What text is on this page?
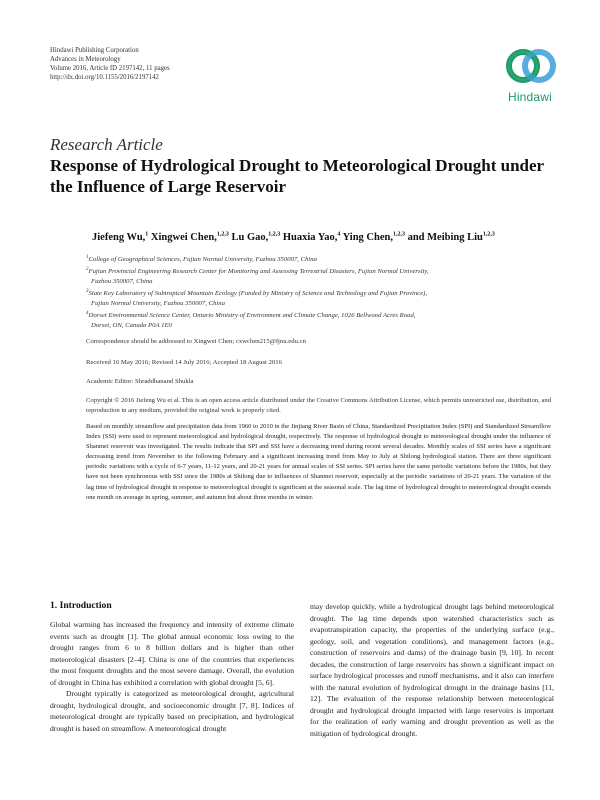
Hindawi Publishing Corporation
Advances in Meteorology
Volume 2016, Article ID 2197142, 11 pages
http://dx.doi.org/10.1155/2016/2197142
Hindawi
Research Article
Response of Hydrological Drought to Meteorological Drought under the Influence of Large Reservoir
Jiefeng Wu,$^1$ Xingwei Chen,$^{1,2,3}$ Lu Gao,$^{1,2,3}$ Huaxia Yao,$^4$ Ying Chen,$^{1,2,3}$ and Meibing Liu$^{1,2,3}$
$^1$College of Geographical Sciences, Fujian Normal University, Fuzhou 350007, China
$^2$Fujian Provincial Engineering Research Center for Monitoring and Assessing Terrestrial Disasters, Fujian Normal University,
Fuzhou 350007, China
$^3$State Key Laboratory of Subtropical Mountain Ecology (Funded by Ministry of Science and Technology and Fujian Province),
Fujian Normal University, Fuzhou 350007, China
$^4$Dorset Environmental Science Center, Ontario Ministry of Environment and Climate Change, 1026 Bellwood Acres Road,
Dorset, ON, Canada P0A 1E0
Correspondence should be addressed to Xingwei Chen; cxwchen215@fjnu.edu.cn
Received 16 May 2016; Revised 14 July 2016; Accepted 18 August 2016
Academic Editor: Shraddhanand Shukla
Copyright © 2016 Jiefeng Wu et al. This is an open access article distributed under the Creative Commons Attribution License, which permits unrestricted use, distribution, and reproduction in any medium, provided the original work is properly cited.
Based on monthly streamflow and precipitation data from 1960 to 2010 in the Jinjiang River Basin of China, Standardized Precipitation Index (SPI) and Standardized Streamflow Index (SSI) were used to represent meteorological and hydrological drought, respectively. The response of hydrological drought to meteorological drought under the influence of Shanmei reservoir was investigated. The results indicate that SPI and SSI have a decreasing trend during recent several decades. Monthly scales of SSI series have a significant decreasing trend from November to the following February and a significant increasing trend from May to July at Shilong hydrological station. There are three significant periodic variations with a cycle of 6-7 years, 11-12 years, and 20-21 years for annual scales of SSI series. SPI series have the same periodic variations before the 1980s, but they have not been synchronous with SSI since the 1980s at Shilong due to influences of Shanmei reservoir, especially at the periodic variations of 20-21 years. The variation of the lag time of hydrological drought in response to meteorological drought is significant at the seasonal scale. The lag time of hydrological drought to meteorological drought extends one month on average in spring, summer, and autumn but about three months in winter.
1. Introduction

Global warming has increased the frequency and intensity of extreme climate events such as drought [1]. The global annual economic loss owing to the drought ranges from 6 to 8 billion dollars and is higher than other meteorological disasters [2–4]. China is one of the countries that experiences the most frequent droughts and the most severe damage. Overall, the evolution of drought in China has exhibited a correlation with global drought [5, 6].

Drought typically is categorized as meteorological drought, agricultural drought, hydrological drought, and socioeconomic drought [7, 8]. Indices of meteorological drought are typically based on precipitation, and hydrological drought is based on streamflow. A meteorological drought

may develop quickly, while a hydrological drought lags behind meteorological drought. The lag time depends upon watershed characteristics such as evapotranspiration capacity, the properties of the underlying surface (e.g., geology, soil, and vegetation conditions), and management factors (e.g., construction of reservoirs and dams) of the drainage basin [9, 10]. In recent decades, the construction of large reservoirs has shown a significant impact on surface hydrological processes and runoff mechanisms, and it also can interfere with the natural evolution of hydrological drought in the drainage basins [11, 12]. The evaluation of the response relationship between meteorological drought and hydrological drought impacted with large reservoirs is important for the realization of early warning and drought prevention as well as the mitigation of hydrological drought.
